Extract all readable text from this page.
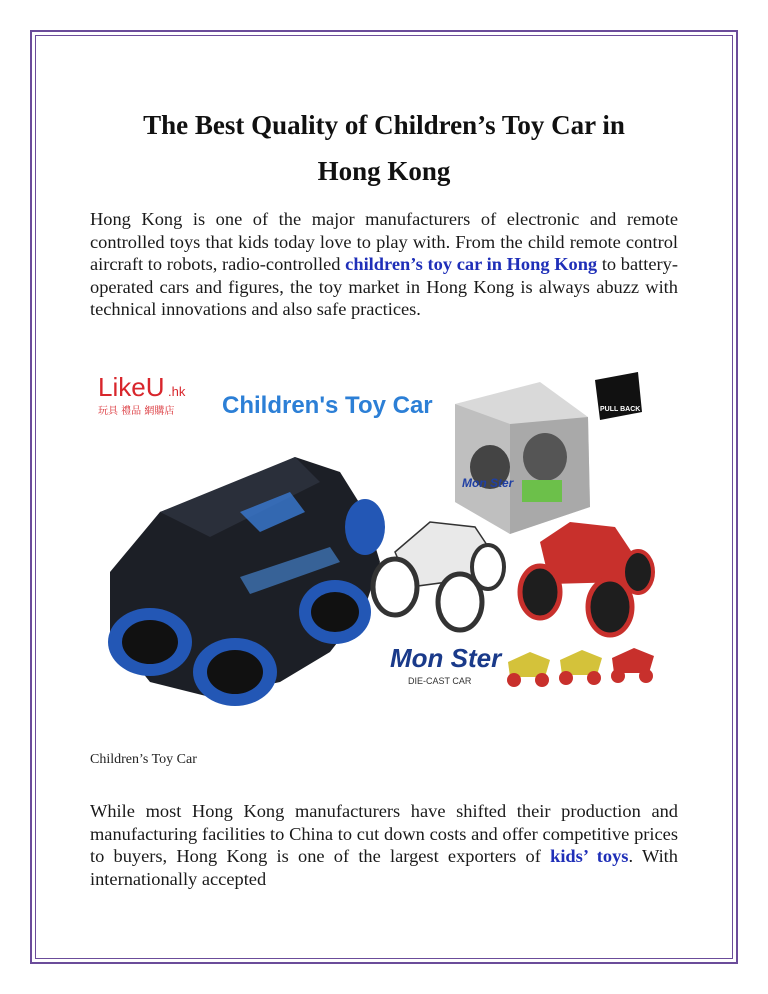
The Best Quality of Children’s Toy Car in
Hong Kong

Hong Kong is one of the major manufacturers of electronic and remote controlled toys that kids today love to play with. From the child remote control aircraft to robots, radio-controlled children’s toy car in Hong Kong to battery-operated cars and figures, the toy market in Hong Kong is always abuzz with technical innovations and also safe practices.

LikeU .hk
玩具 禮品 網購店 Children's Toy Car
Mon Ster
PULL BACK
Mon Ster
DIE-CAST CAR

Children’s Toy Car

While most Hong Kong manufacturers have shifted their production and manufacturing facilities to China to cut down costs and offer competitive prices to buyers, Hong Kong is one of the largest exporters of kids’ toys. With internationally accepted
